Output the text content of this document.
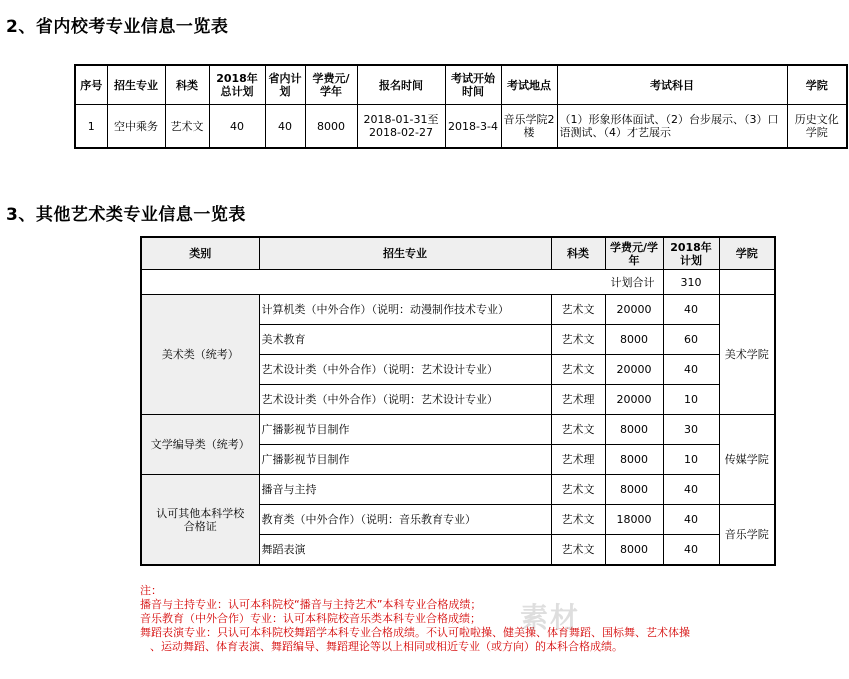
2、省内校考专业信息一览表
序号	招生专业	科类	2018年总计划	省内计划	学费元/学年	报名时间	考试开始时间	考试地点	考试科目	学院
1	空中乘务	艺术文	40	40	8000	2018-01-31至2018-02-27	2018-3-4	音乐学院2楼	（1）形象形体面试、（2）台步展示、（3）口语测试、（4）才艺展示	历史文化学院
3、其他艺术类专业信息一览表
类别	招生专业	科类	学费元/学年	2018年计划	学院
计划合计				310	
美术类（统考）	计算机类（中外合作）（说明：动漫制作技术专业）	艺术文	20000	40	美术学院
	美术教育	艺术文	8000	60	
	艺术设计类（中外合作）（说明：艺术设计专业）	艺术文	20000	40	
	艺术设计类（中外合作）（说明：艺术设计专业）	艺术理	20000	10	
文学编导类（统考）	广播影视节目制作	艺术文	8000	30	传媒学院
	广播影视节目制作	艺术理	8000	10	
认可其他本科学校合格证	播音与主持	艺术文	8000	40	
	教育类（中外合作）（说明：音乐教育专业）	艺术文	18000	40	音乐学院
	舞蹈表演	艺术文	8000	40	
注：
播音与主持专业：认可本科院校“播音与主持艺术”本科专业合格成绩；
音乐教育（中外合作）专业：认可本科院校音乐类本科专业合格成绩；
舞蹈表演专业：只认可本科院校舞蹈学本科专业合格成绩。不认可啦啦操、健美操、体育舞蹈、国标舞、艺术体操
、运动舞蹈、体育表演、舞蹈编导、舞蹈理论等以上相同或相近专业（或方向）的本科合格成绩。
素材
